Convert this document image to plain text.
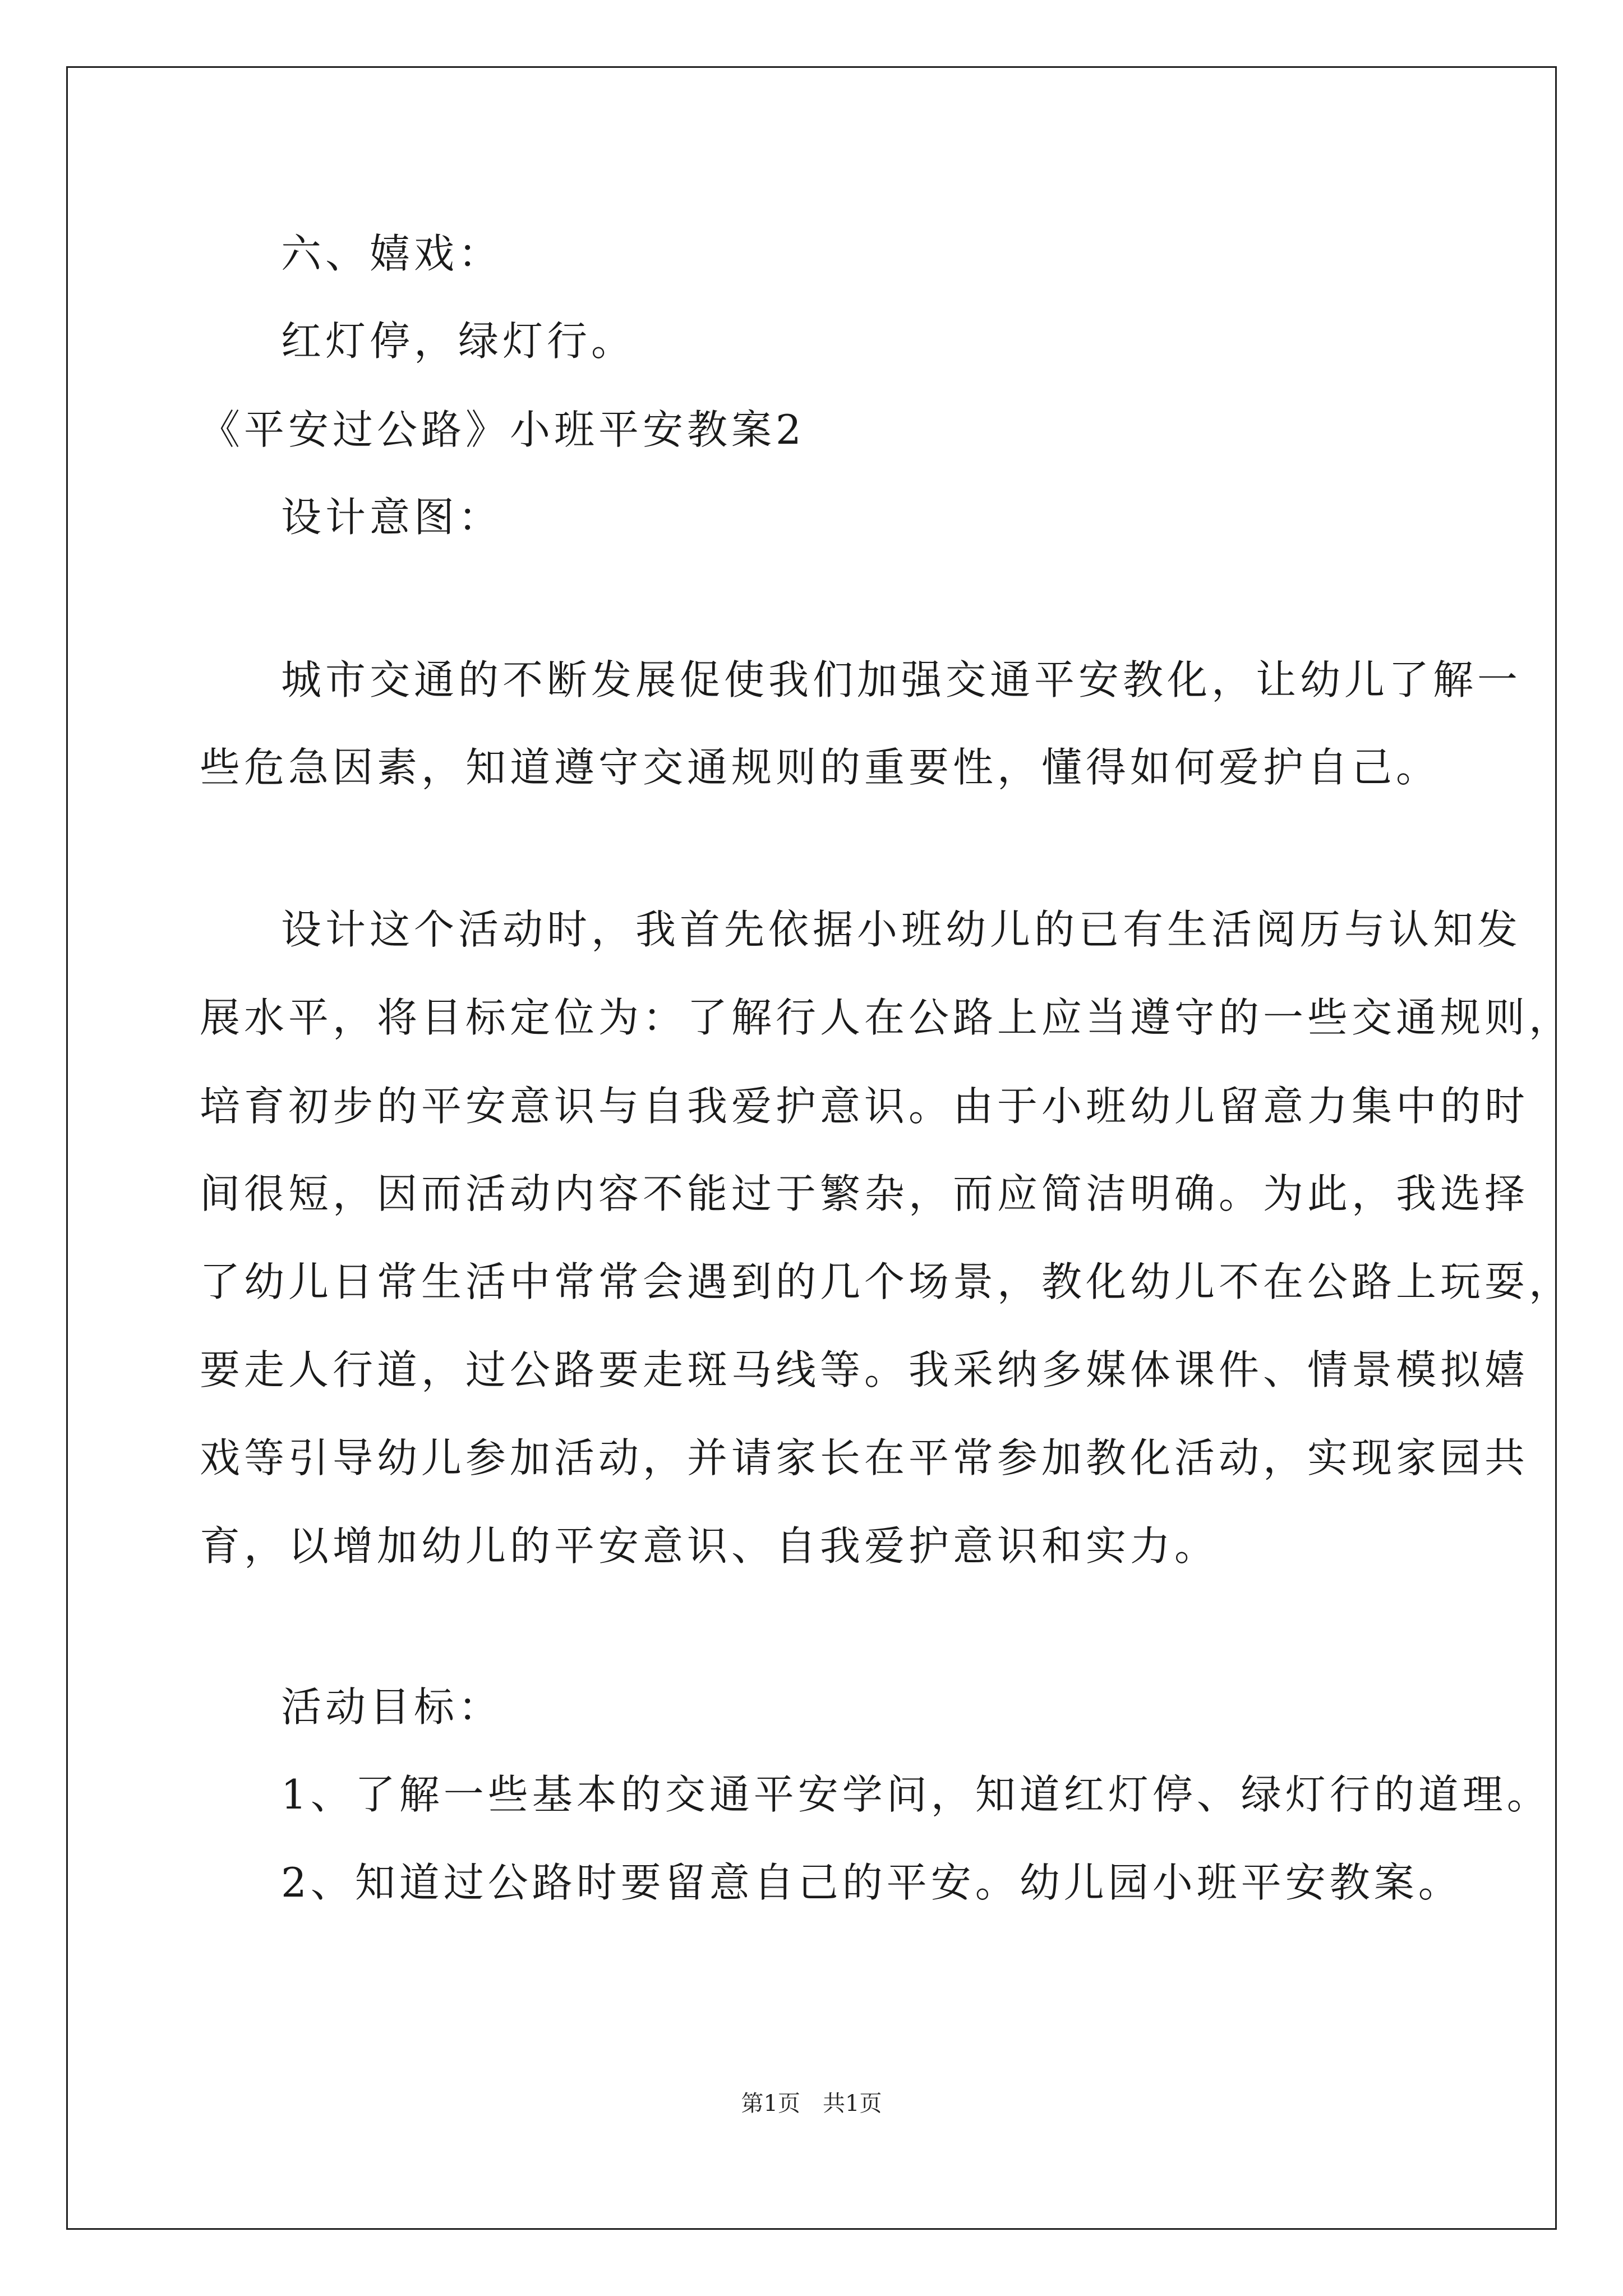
六、嬉戏：
红灯停，绿灯行。
《平安过公路》小班平安教案2
设计意图：
城市交通的不断发展促使我们加强交通平安教化，让幼儿了解一
些危急因素，知道遵守交通规则的重要性，懂得如何爱护自己。
设计这个活动时，我首先依据小班幼儿的已有生活阅历与认知发
展水平，将目标定位为：了解行人在公路上应当遵守的一些交通规则，
培育初步的平安意识与自我爱护意识。由于小班幼儿留意力集中的时
间很短，因而活动内容不能过于繁杂，而应简洁明确。为此，我选择
了幼儿日常生活中常常会遇到的几个场景，教化幼儿不在公路上玩耍，
要走人行道，过公路要走斑马线等。我采纳多媒体课件、情景模拟嬉
戏等引导幼儿参加活动，并请家长在平常参加教化活动，实现家园共
育，以增加幼儿的平安意识、自我爱护意识和实力。
活动目标：
1、了解一些基本的交通平安学问，知道红灯停、绿灯行的道理。
2、知道过公路时要留意自己的平安。幼儿园小班平安教案。
第1页　共1页
